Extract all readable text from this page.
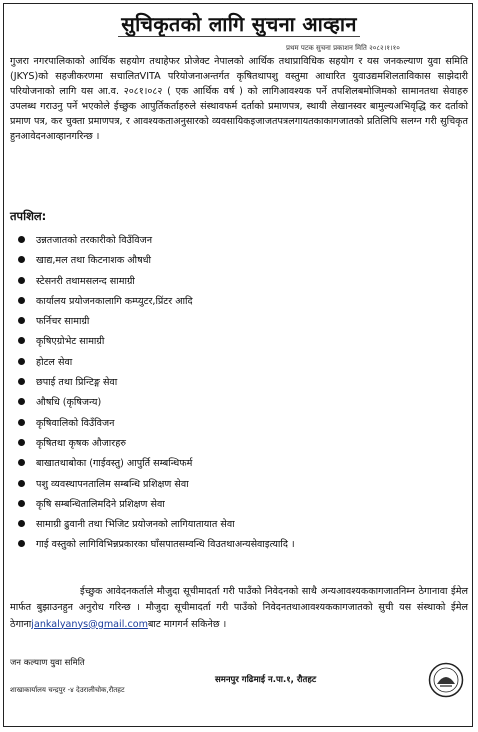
सुचिकृतको लागि सुचना आव्हान
प्रथम पटक सुचना प्रकाशन मिति २०८२।१।१०
गुजरा नगरपालिकाको आर्थिक सहयोग तथाहेफर प्रोजेक्ट नेपालको आर्थिक तथाप्राविधिक सहयोग र यस जनकल्याण युवा समिति (JKYS)को सहजीकरणमा सचालितVITA परियोजनाअन्तर्गत कृषितथापशु वस्तुमा आधारित युवाउद्यमशिलताविकास साझेदारी परियोजनाको लागि यस आ.व. २०८१।०८२ ( एक आर्थिक वर्ष ) को लागिआवश्यक पर्ने तपशिलबमोजिमको सामानतथा सेवाहरु उपलब्ध गराउनु पर्ने भएकोले ईच्छुक आपुर्तिकर्ताहरुले संस्थावफर्म दर्ताको प्रमाणपत्र, स्थायी लेखानस्वर बामुल्यअभिवृद्धि कर दर्ताको प्रमाण पत्र, कर चुक्ता प्रमाणपत्र, र आवश्यकताअनुसारको व्यवसायिकइजाजतपत्रलगायतकाकागजातको प्रतिलिपि सलग्न गरी सुचिकृत हुनआवेदनआव्हानगरिन्छ ।
तपशिल:
उन्नतजातको तरकारीको विउँविजन
खाद्य,मल तथा किटनाशक औषधी
स्टेसनरी तथामसलन्द सामाग्री
कार्यालय प्रयोजनकालागि कम्प्युटर,प्रिंटर आदि
फर्निचर सामाग्री
कृषिएग्रोभेट सामाग्री
होटल सेवा
छपाई तथा प्रिन्टिङ्ग सेवा
औषधि (कृषिजन्य)
कृषिवालिको विउँविजन
कृषितथा कृषक औजारहरु
बाखातथाबोका (गाईवस्तु) आपुर्ति सम्बन्धिफर्म
पशु व्यवस्थापनतालिम सम्बन्धि प्रशिक्षण सेवा
कृषि सम्बन्धितालिमदिने प्रशिक्षण सेवा
सामाग्री ढुवानी तथा भिजिट प्रयोजनको लागियातायात सेवा
गाई वस्तुको लागिविभिन्नप्रकारका घाँसपातसम्वन्धि विउतथाअन्यसेवाइत्यादि ।
ईच्छुक आवेदनकर्ताले मौजुदा सूचीमादर्ता गरी पाउँको निवेदनको साथै अन्यआवश्यककागजातनिम्न ठेगानावा ईमेल मार्फत बुझाउनहुन अनुरोध गरिन्छ । मौजुदा सूचीमादर्ता गरी पाउँको निवेदनतथाआवश्यककागजातको सुची यस संस्थाको ईमेल ठेगानाjankalyanys@gmail.comबाट मागगर्न सकिनेछ ।
जन कल्याण युवा समिति
समनपुर गढिमाई न.पा.१, रौतहट
शाखाकार्यालय चन्द्रपुर -४ देउरालीचोक,रौतहट
